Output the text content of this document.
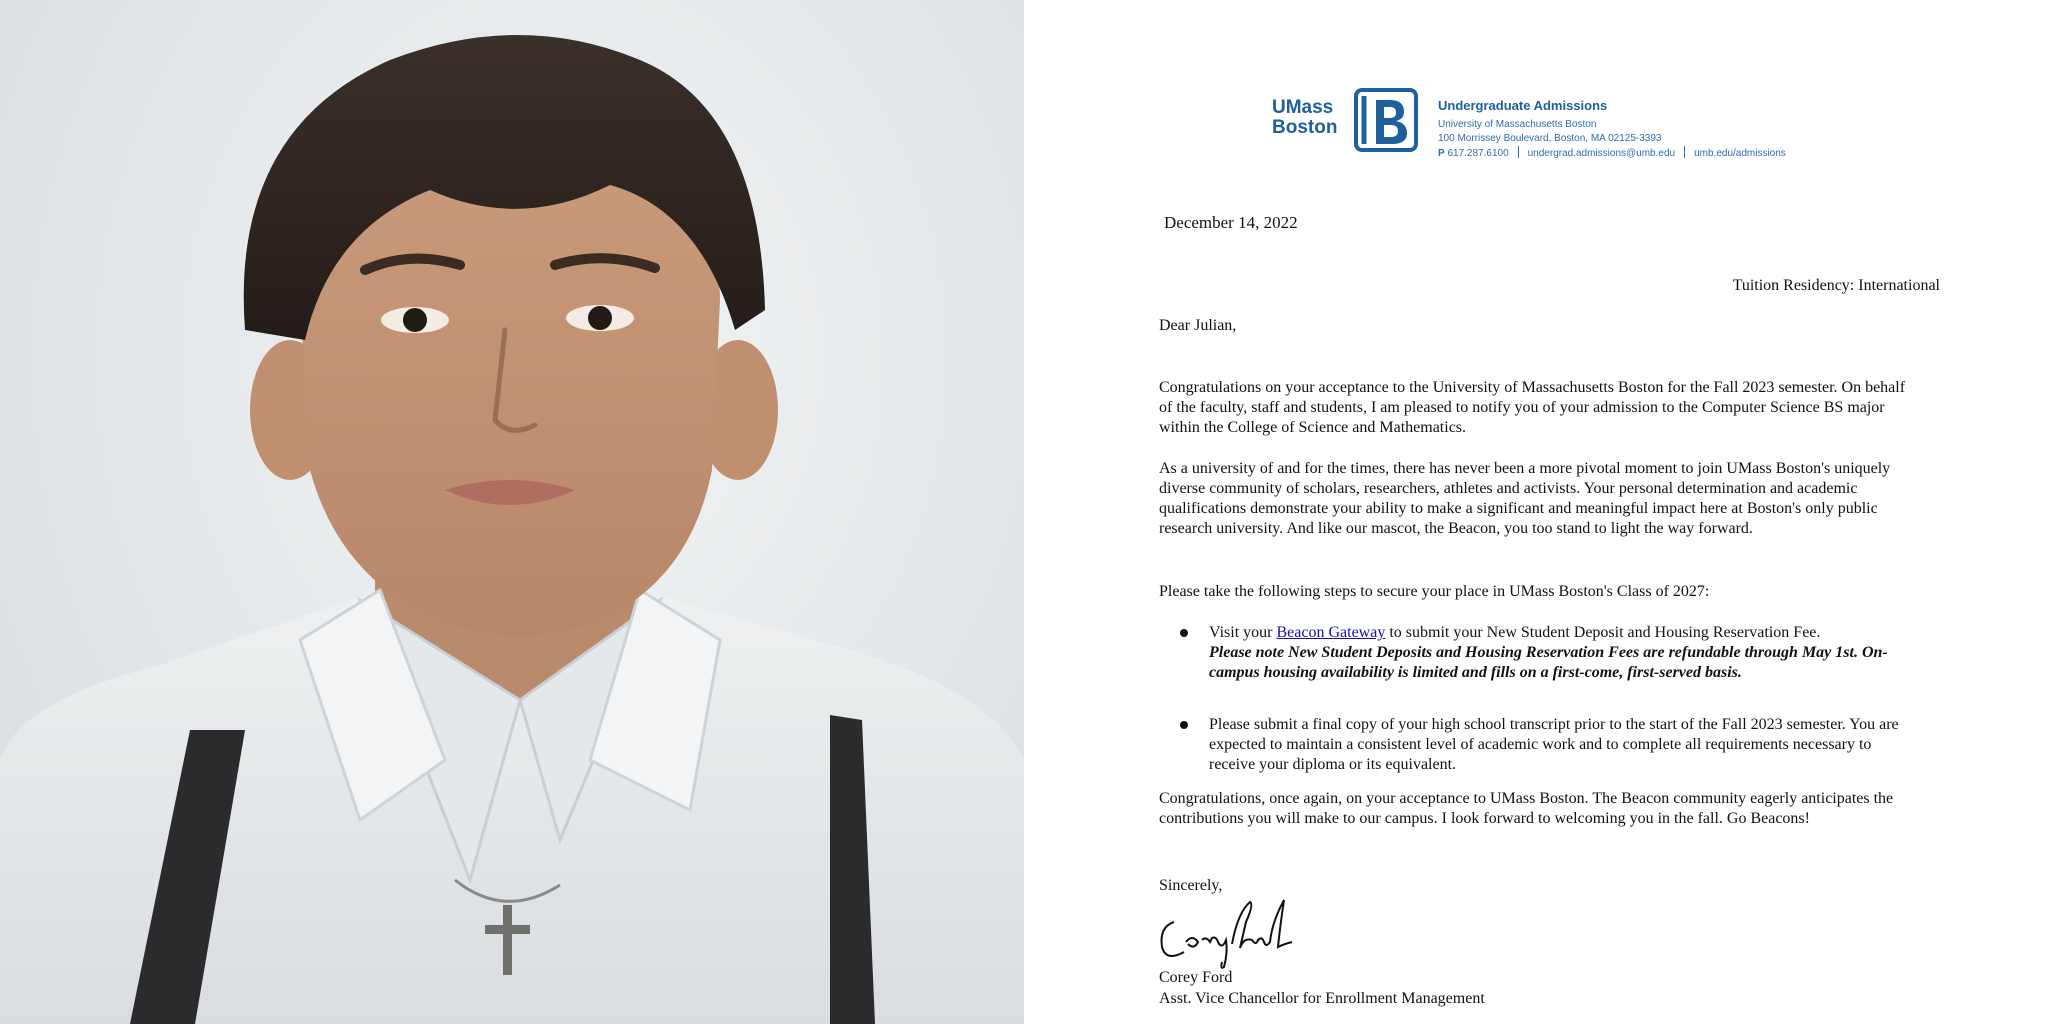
UMass
Boston
Undergraduate Admissions
University of Massachusetts Boston
100 Morrissey Boulevard, Boston, MA 02125-3393
P 617.287.6100 undergrad.admissions@umb.edu umb.edu/admissions
December 14, 2022
Tuition Residency: International
Dear Julian,

Congratulations on your acceptance to the University of Massachusetts Boston for the Fall 2023 semester. On behalf of the faculty, staff and students, I am pleased to notify you of your admission to the Computer Science BS major within the College of Science and Mathematics.

As a university of and for the times, there has never been a more pivotal moment to join UMass Boston's uniquely diverse community of scholars, researchers, athletes and activists. Your personal determination and academic qualifications demonstrate your ability to make a significant and meaningful impact here at Boston's only public research university. And like our mascot, the Beacon, you too stand to light the way forward.

Please take the following steps to secure your place in UMass Boston's Class of 2027:

Visit your Beacon Gateway to submit your New Student Deposit and Housing Reservation Fee.
Please note New Student Deposits and Housing Reservation Fees are refundable through May 1st. On-campus housing availability is limited and fills on a first-come, first-served basis.
Please submit a final copy of your high school transcript prior to the start of the Fall 2023 semester. You are expected to maintain a consistent level of academic work and to complete all requirements necessary to receive your diploma or its equivalent.

Congratulations, once again, on your acceptance to UMass Boston. The Beacon community eagerly anticipates the contributions you will make to our campus. I look forward to welcoming you in the fall. Go Beacons!

Sincerely,
Corey Ford
Asst. Vice Chancellor for Enrollment Management
